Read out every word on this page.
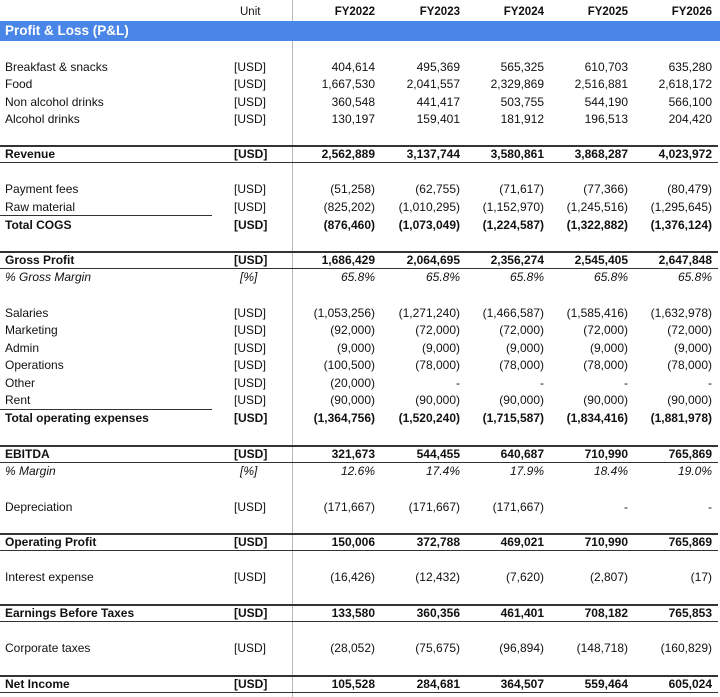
Unit	FY2022	FY2023	FY2024	FY2025	FY2026
Profit & Loss (P&L)
Breakfast & snacks	[USD]	404,614	495,369	565,325	610,703	635,280
Food	[USD]	1,667,530	2,041,557	2,329,869	2,516,881	2,618,172
Non alcohol drinks	[USD]	360,548	441,417	503,755	544,190	566,100
Alcohol drinks	[USD]	130,197	159,401	181,912	196,513	204,420
Revenue	[USD]	2,562,889	3,137,744	3,580,861	3,868,287	4,023,972
Payment fees	[USD]	(51,258)	(62,755)	(71,617)	(77,366)	(80,479)
Raw material	[USD]	(825,202)	(1,010,295)	(1,152,970)	(1,245,516)	(1,295,645)
Total COGS	[USD]	(876,460)	(1,073,049)	(1,224,587)	(1,322,882)	(1,376,124)
Gross Profit	[USD]	1,686,429	2,064,695	2,356,274	2,545,405	2,647,848
% Gross Margin	[%]	65.8%	65.8%	65.8%	65.8%	65.8%
Salaries	[USD]	(1,053,256)	(1,271,240)	(1,466,587)	(1,585,416)	(1,632,978)
Marketing	[USD]	(92,000)	(72,000)	(72,000)	(72,000)	(72,000)
Admin	[USD]	(9,000)	(9,000)	(9,000)	(9,000)	(9,000)
Operations	[USD]	(100,500)	(78,000)	(78,000)	(78,000)	(78,000)
Other	[USD]	(20,000)	-	-	-	-
Rent	[USD]	(90,000)	(90,000)	(90,000)	(90,000)	(90,000)
Total operating expenses	[USD]	(1,364,756)	(1,520,240)	(1,715,587)	(1,834,416)	(1,881,978)
EBITDA	[USD]	321,673	544,455	640,687	710,990	765,869
% Margin	[%]	12.6%	17.4%	17.9%	18.4%	19.0%
Depreciation	[USD]	(171,667)	(171,667)	(171,667)	-	-
Operating Profit	[USD]	150,006	372,788	469,021	710,990	765,869
Interest expense	[USD]	(16,426)	(12,432)	(7,620)	(2,807)	(17)
Earnings Before Taxes	[USD]	133,580	360,356	461,401	708,182	765,853
Corporate taxes	[USD]	(28,052)	(75,675)	(96,894)	(148,718)	(160,829)
Net Income	[USD]	105,528	284,681	364,507	559,464	605,024
